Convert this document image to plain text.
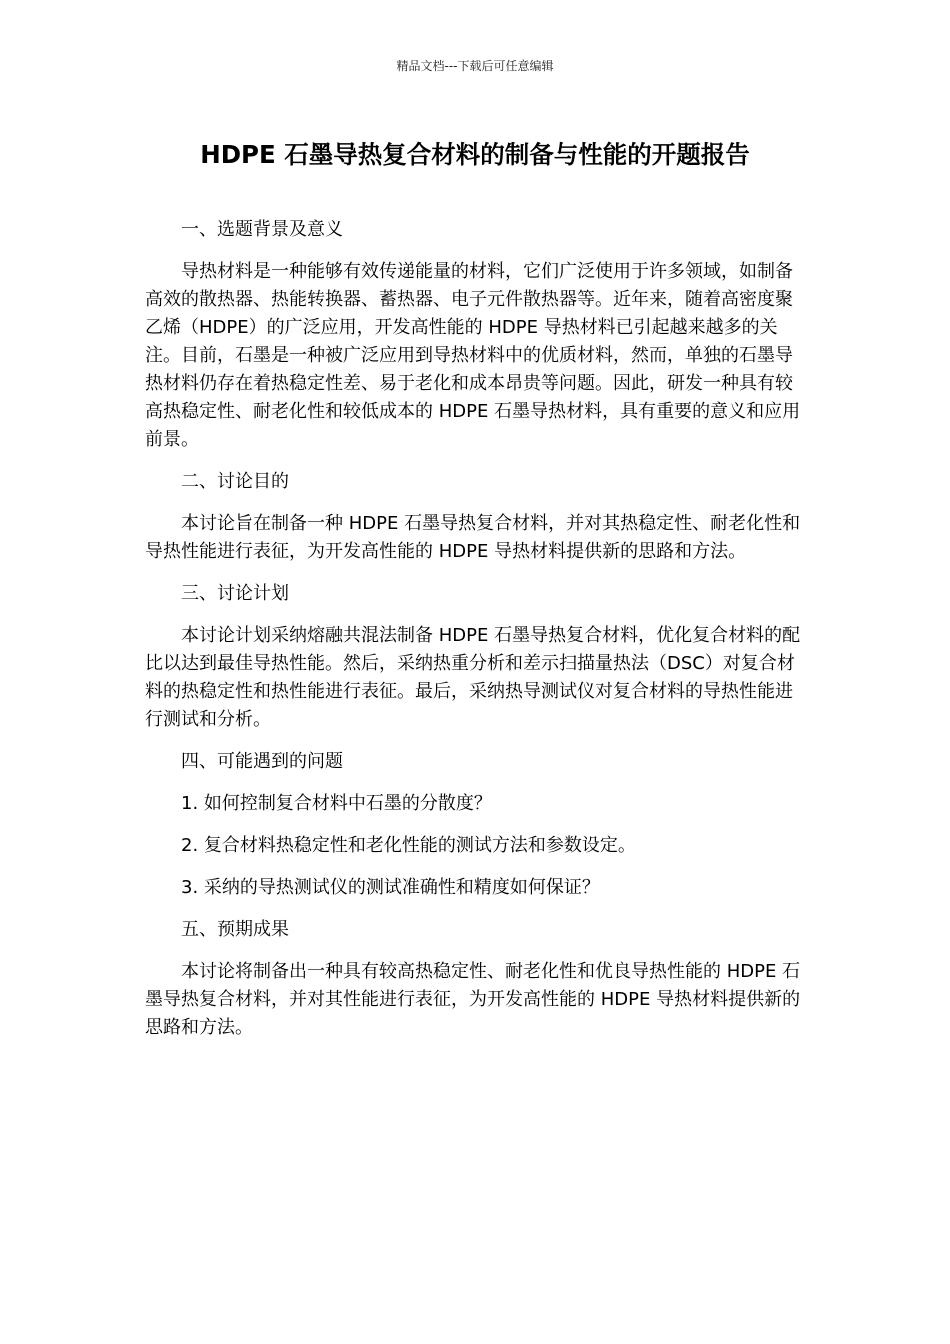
精品文档---下载后可任意编辑
HDPE 石墨导热复合材料的制备与性能的开题报告

一、选题背景及意义

导热材料是一种能够有效传递能量的材料，它们广泛使用于许多领域，如制备高效的散热器、热能转换器、蓄热器、电子元件散热器等。近年来，随着高密度聚乙烯（HDPE）的广泛应用，开发高性能的 HDPE 导热材料已引起越来越多的关注。目前，石墨是一种被广泛应用到导热材料中的优质材料，然而，单独的石墨导热材料仍存在着热稳定性差、易于老化和成本昂贵等问题。因此，研发一种具有较高热稳定性、耐老化性和较低成本的 HDPE 石墨导热材料，具有重要的意义和应用前景。

二、讨论目的

本讨论旨在制备一种 HDPE 石墨导热复合材料，并对其热稳定性、耐老化性和导热性能进行表征，为开发高性能的 HDPE 导热材料提供新的思路和方法。

三、讨论计划

本讨论计划采纳熔融共混法制备 HDPE 石墨导热复合材料，优化复合材料的配比以达到最佳导热性能。然后，采纳热重分析和差示扫描量热法（DSC）对复合材料的热稳定性和热性能进行表征。最后，采纳热导测试仪对复合材料的导热性能进行测试和分析。

四、可能遇到的问题

1. 如何控制复合材料中石墨的分散度？

2. 复合材料热稳定性和老化性能的测试方法和参数设定。

3. 采纳的导热测试仪的测试准确性和精度如何保证？

五、预期成果

本讨论将制备出一种具有较高热稳定性、耐老化性和优良导热性能的 HDPE 石墨导热复合材料，并对其性能进行表征，为开发高性能的 HDPE 导热材料提供新的思路和方法。
